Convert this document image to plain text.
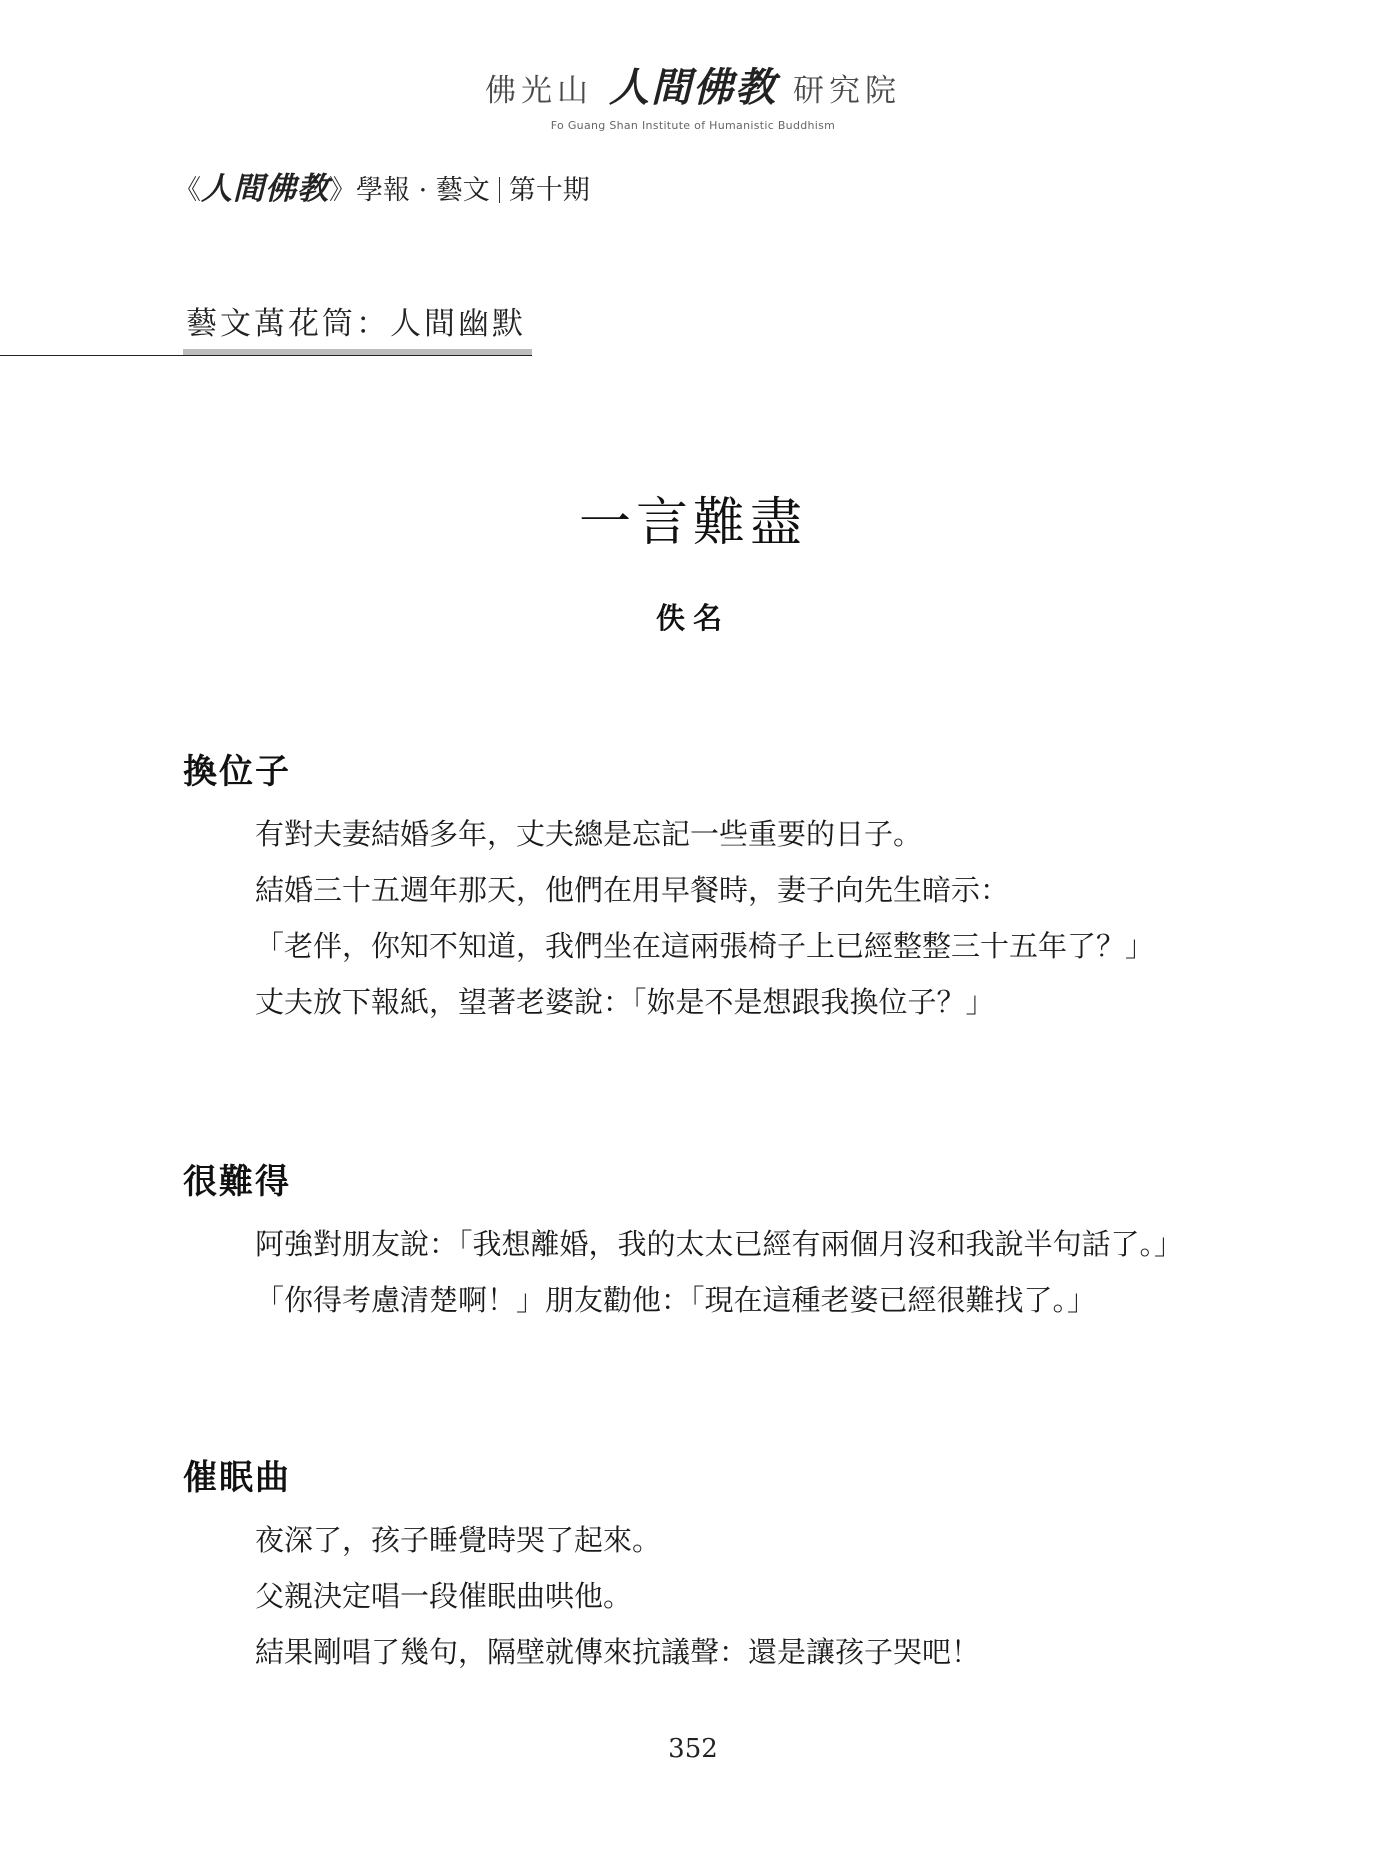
佛光山 人間佛教 研究院
Fo Guang Shan Institute of Humanistic Buddhism
《人間佛教》學報 · 藝文 第十期
藝文萬花筒：人間幽默
一言難盡
佚名
換位子

有對夫妻結婚多年，丈夫總是忘記一些重要的日子。

結婚三十五週年那天，他們在用早餐時，妻子向先生暗示：

「老伴，你知不知道，我們坐在這兩張椅子上已經整整三十五年了？」

丈夫放下報紙，望著老婆說：「妳是不是想跟我換位子？」

很難得

阿強對朋友說：「我想離婚，我的太太已經有兩個月沒和我說半句話了。」

「你得考慮清楚啊！」朋友勸他：「現在這種老婆已經很難找了。」

催眠曲

夜深了，孩子睡覺時哭了起來。

父親決定唱一段催眠曲哄他。

結果剛唱了幾句，隔壁就傳來抗議聲：還是讓孩子哭吧！

352
